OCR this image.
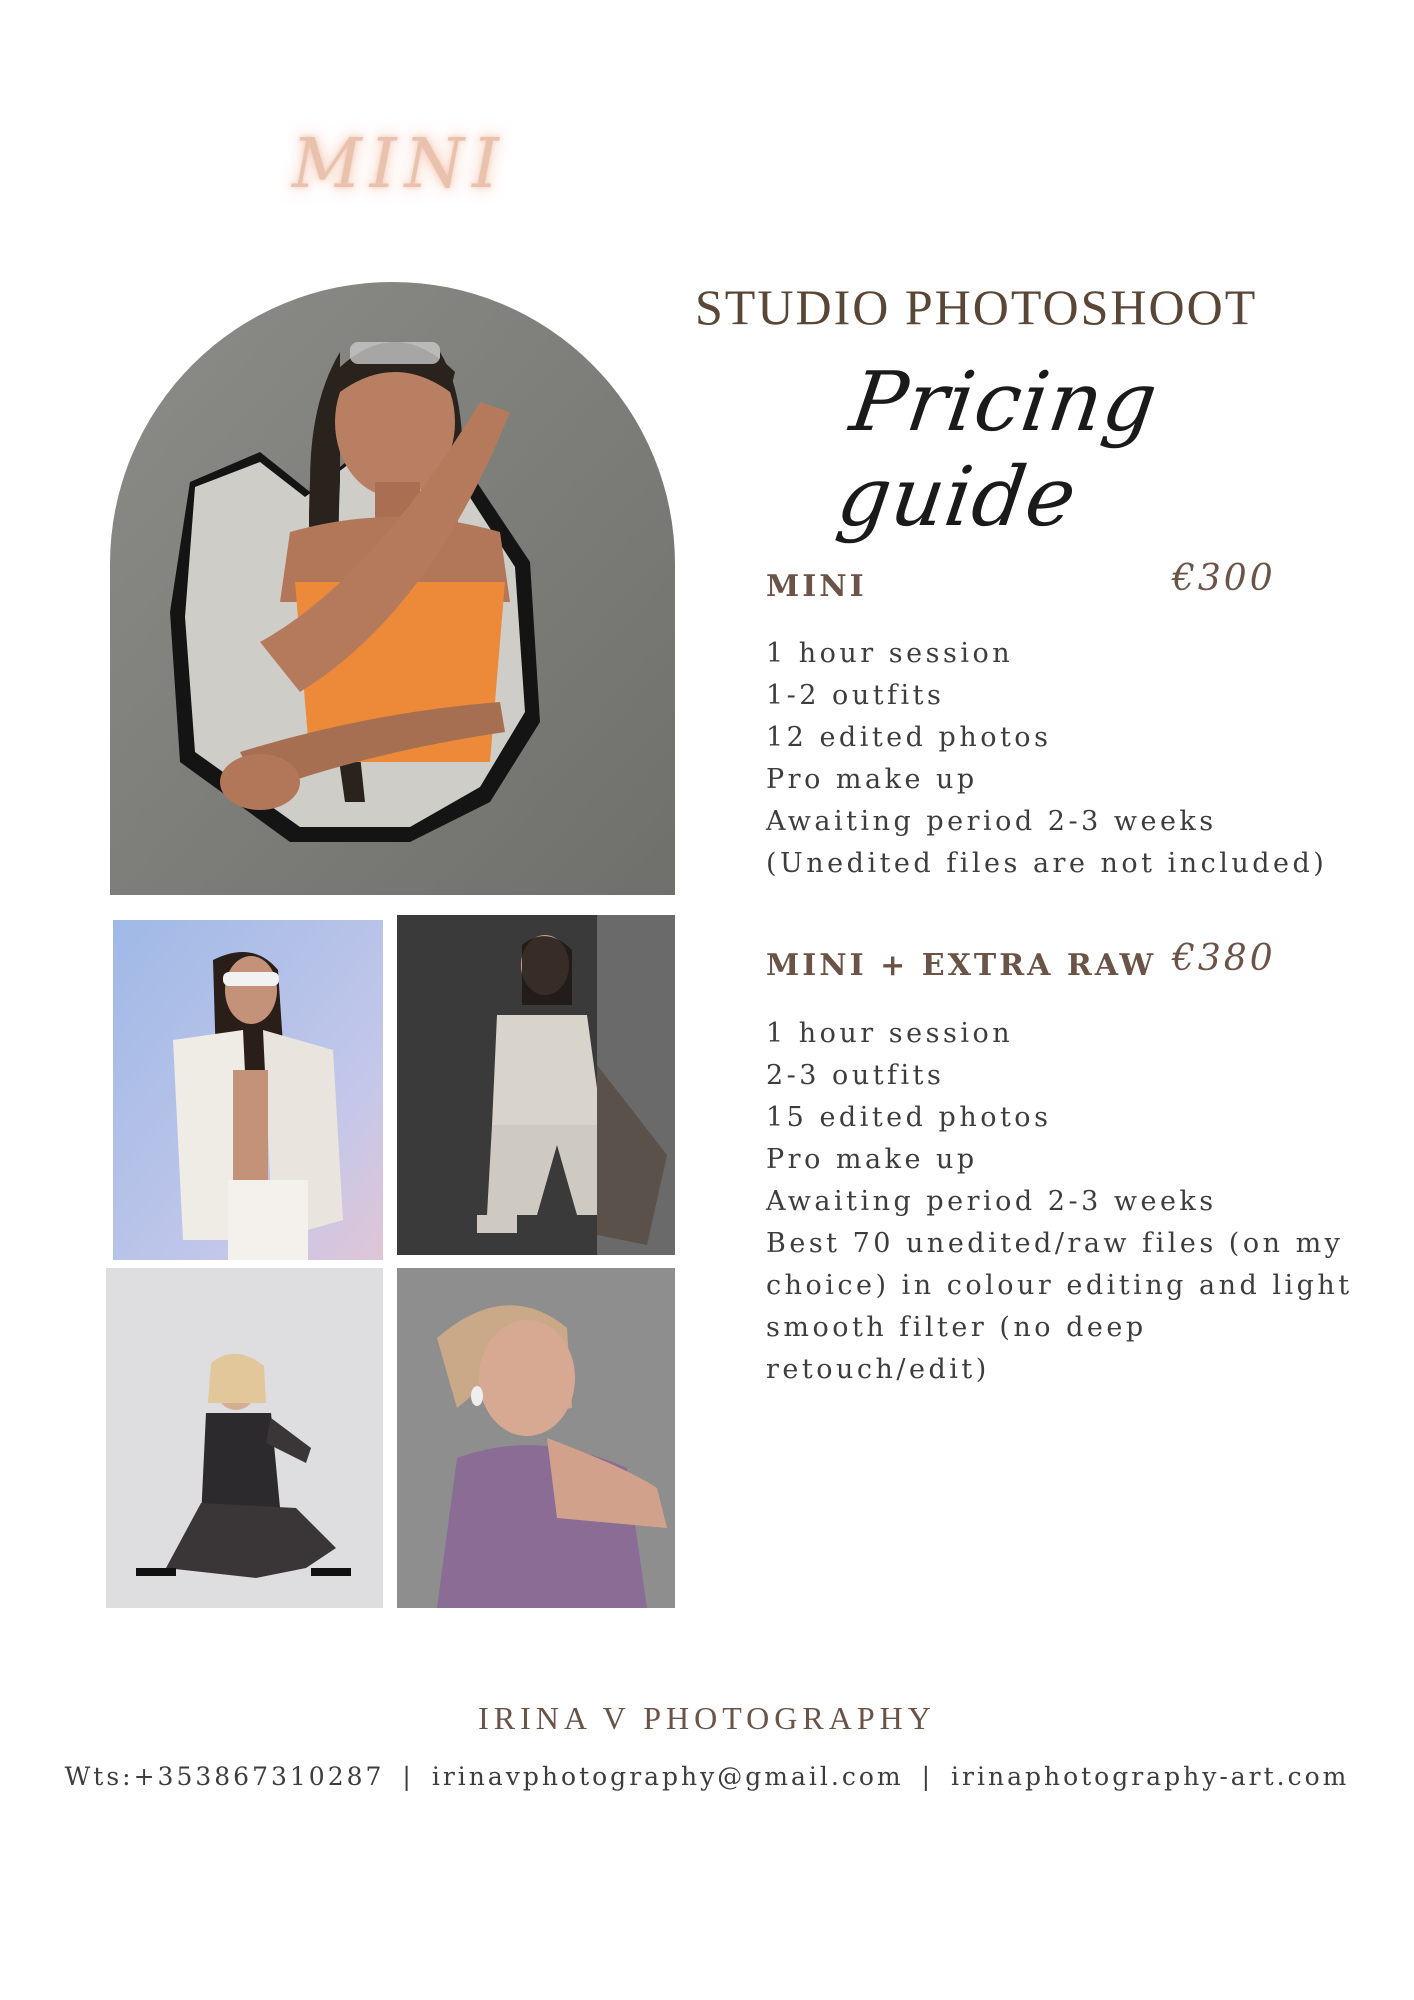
MINI
STUDIO PHOTOSHOOT
Pricing guide
MINI	€300
1 hour session
1-2 outfits
12 edited photos
Pro make up
Awaiting period 2-3 weeks
(Unedited files are not included)
MINI + EXTRA RAW €380
1 hour session
2-3 outfits
15 edited photos
Pro make up
Awaiting period 2-3 weeks
Best 70 unedited/raw files (on my
choice) in colour editing and light
smooth filter (no deep
retouch/edit)
IRINA V PHOTOGRAPHY
Wts:+353867310287 | irinavphotography@gmail.com | irinaphotography-art.com
